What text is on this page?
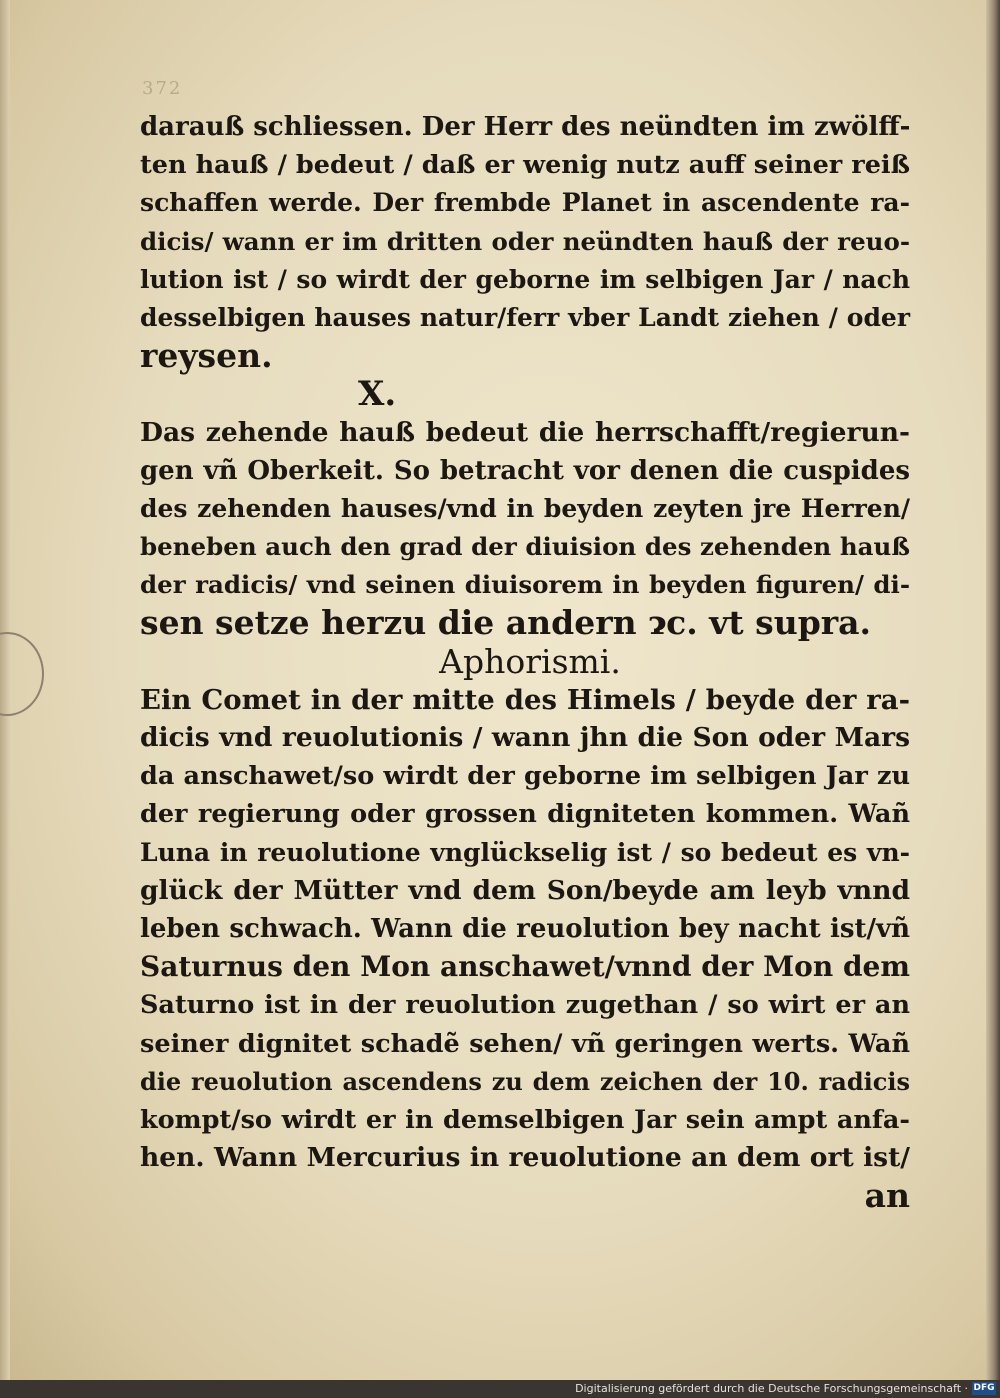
372
darauß schliessen. Der Herr des neündten im zwölff-
ten hauß / bedeut / daß er wenig nutz auff seiner reiß
schaffen werde. Der frembde Planet in ascendente ra-
dicis/ wann er im dritten oder neündten hauß der reuo-
lution ist / so wirdt der geborne im selbigen Jar / nach
desselbigen hauses natur/ferr vber Landt ziehen / oder
reysen.
X.
Das zehende hauß bedeut die herrschafft/regierun-
gen vñ Oberkeit. So betracht vor denen die cuspides
des zehenden hauses/vnd in beyden zeyten jre Herren/
beneben auch den grad der diuision des zehenden hauß
der radicis/ vnd seinen diuisorem in beyden figuren/ di-
sen setze herzu die andern ɂc. vt supra.
Aphorismi.
Ein Comet in der mitte des Himels / beyde der ra-
dicis vnd reuolutionis / wann jhn die Son oder Mars
da anschawet/so wirdt der geborne im selbigen Jar zu
der regierung oder grossen digniteten kommen. Wañ
Luna in reuolutione vnglückselig ist / so bedeut es vn-
glück der Mütter vnd dem Son/beyde am leyb vnnd
leben schwach. Wann die reuolution bey nacht ist/vñ
Saturnus den Mon anschawet/vnnd der Mon dem
Saturno ist in der reuolution zugethan / so wirt er an
seiner dignitet schadẽ sehen/ vñ geringen werts. Wañ
die reuolution ascendens zu dem zeichen der 10. radicis
kompt/so wirdt er in demselbigen Jar sein ampt anfa-
hen. Wann Mercurius in reuolutione an dem ort ist/
an
Digitalisierung gefördert durch die Deutsche Forschungsgemeinschaft · DFG
